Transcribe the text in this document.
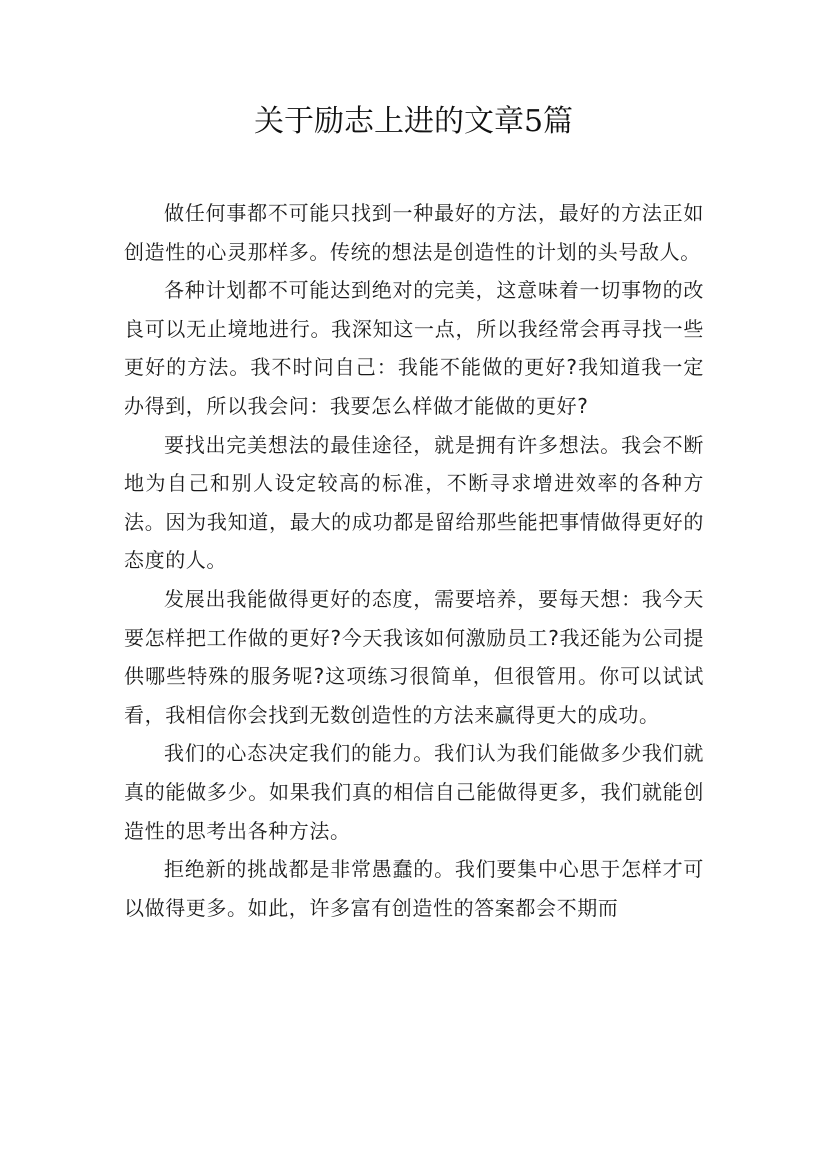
关于励志上进的文章5篇

做任何事都不可能只找到一种最好的方法，最好的方法正如创造性的心灵那样多。传统的想法是创造性的计划的头号敌人。

各种计划都不可能达到绝对的完美，这意味着一切事物的改良可以无止境地进行。我深知这一点，所以我经常会再寻找一些更好的方法。我不时问自己：我能不能做的更好?我知道我一定办得到，所以我会问：我要怎么样做才能做的更好?

要找出完美想法的最佳途径，就是拥有许多想法。我会不断地为自己和别人设定较高的标准，不断寻求增进效率的各种方法。因为我知道，最大的成功都是留给那些能把事情做得更好的态度的人。

发展出我能做得更好的态度，需要培养，要每天想：我今天要怎样把工作做的更好?今天我该如何激励员工?我还能为公司提供哪些特殊的服务呢?这项练习很简单，但很管用。你可以试试看，我相信你会找到无数创造性的方法来赢得更大的成功。

我们的心态决定我们的能力。我们认为我们能做多少我们就真的能做多少。如果我们真的相信自己能做得更多，我们就能创造性的思考出各种方法。

拒绝新的挑战都是非常愚蠢的。我们要集中心思于怎样才可以做得更多。如此，许多富有创造性的答案都会不期而
